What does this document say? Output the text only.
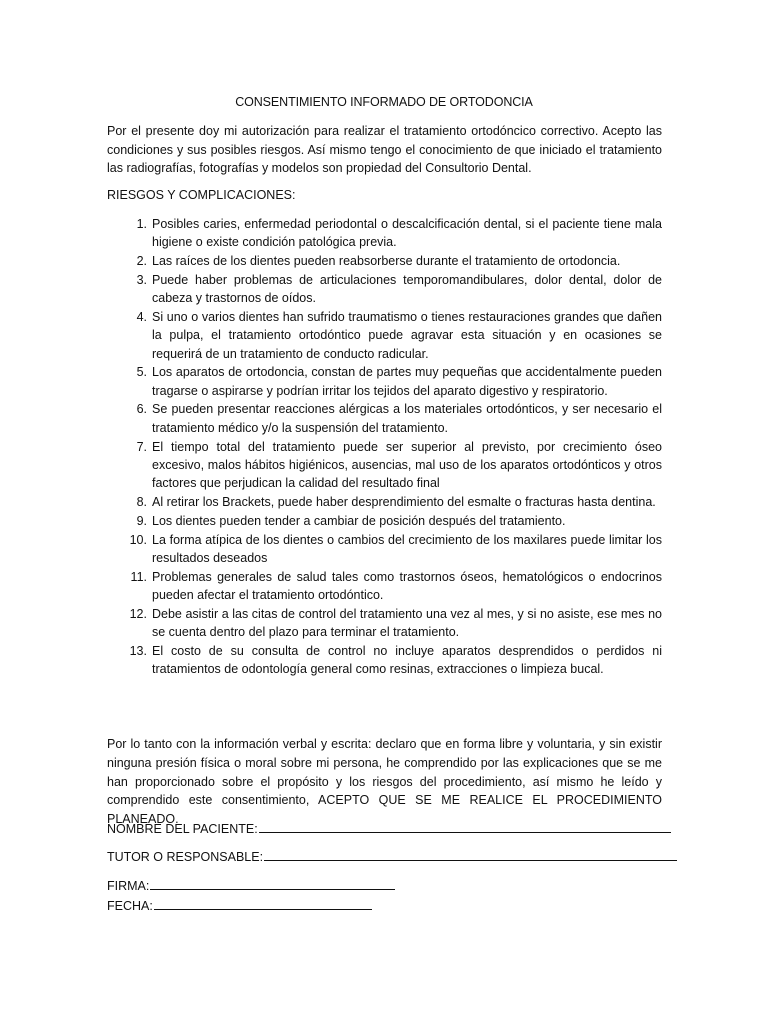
CONSENTIMIENTO INFORMADO DE ORTODONCIA
Por el presente doy mi autorización para realizar el tratamiento ortodóncico correctivo. Acepto las condiciones y sus posibles riesgos. Así mismo tengo el conocimiento de que iniciado el tratamiento las radiografías, fotografías y modelos son propiedad del Consultorio Dental.
RIESGOS Y COMPLICACIONES:
1. Posibles caries, enfermedad periodontal o descalcificación dental, si el paciente tiene mala higiene o existe condición patológica previa.
2. Las raíces de los dientes pueden reabsorberse durante el tratamiento de ortodoncia.
3. Puede haber problemas de articulaciones temporomandibulares, dolor dental, dolor de cabeza y trastornos de oídos.
4. Si uno o varios dientes han sufrido traumatismo o tienes restauraciones grandes que dañen la pulpa, el tratamiento ortodóntico puede agravar esta situación y en ocasiones se requerirá de un tratamiento de conducto radicular.
5. Los aparatos de ortodoncia, constan de partes muy pequeñas que accidentalmente pueden tragarse o aspirarse y podrían irritar los tejidos del aparato digestivo y respiratorio.
6. Se pueden presentar reacciones alérgicas a los materiales ortodónticos, y ser necesario el tratamiento médico y/o la suspensión del tratamiento.
7. El tiempo total del tratamiento puede ser superior al previsto, por crecimiento óseo excesivo, malos hábitos higiénicos, ausencias, mal uso de los aparatos ortodónticos y otros factores que perjudican la calidad del resultado final
8. Al retirar los Brackets, puede haber desprendimiento del esmalte o fracturas hasta dentina.
9. Los dientes pueden tender a cambiar de posición después del tratamiento.
10. La forma atípica de los dientes o cambios del crecimiento de los maxilares puede limitar los resultados deseados
11. Problemas generales de salud tales como trastornos óseos, hematológicos o endocrinos pueden afectar el tratamiento ortodóntico.
12. Debe asistir a las citas de control del tratamiento una vez al mes, y si no asiste, ese mes no se cuenta dentro del plazo para terminar el tratamiento.
13. El costo de su consulta de control no incluye aparatos desprendidos o perdidos ni tratamientos de odontología general como resinas, extracciones o limpieza bucal.
Por lo tanto con la información verbal y escrita: declaro que en forma libre y voluntaria, y sin existir ninguna presión física o moral sobre mi persona, he comprendido por las explicaciones que se me han proporcionado sobre el propósito y los riesgos del procedimiento, así mismo he leído y comprendido este consentimiento, ACEPTO QUE SE ME REALICE EL PROCEDIMIENTO PLANEADO.
NOMBRE DEL PACIENTE:
TUTOR O RESPONSABLE:
FIRMA:
FECHA:
